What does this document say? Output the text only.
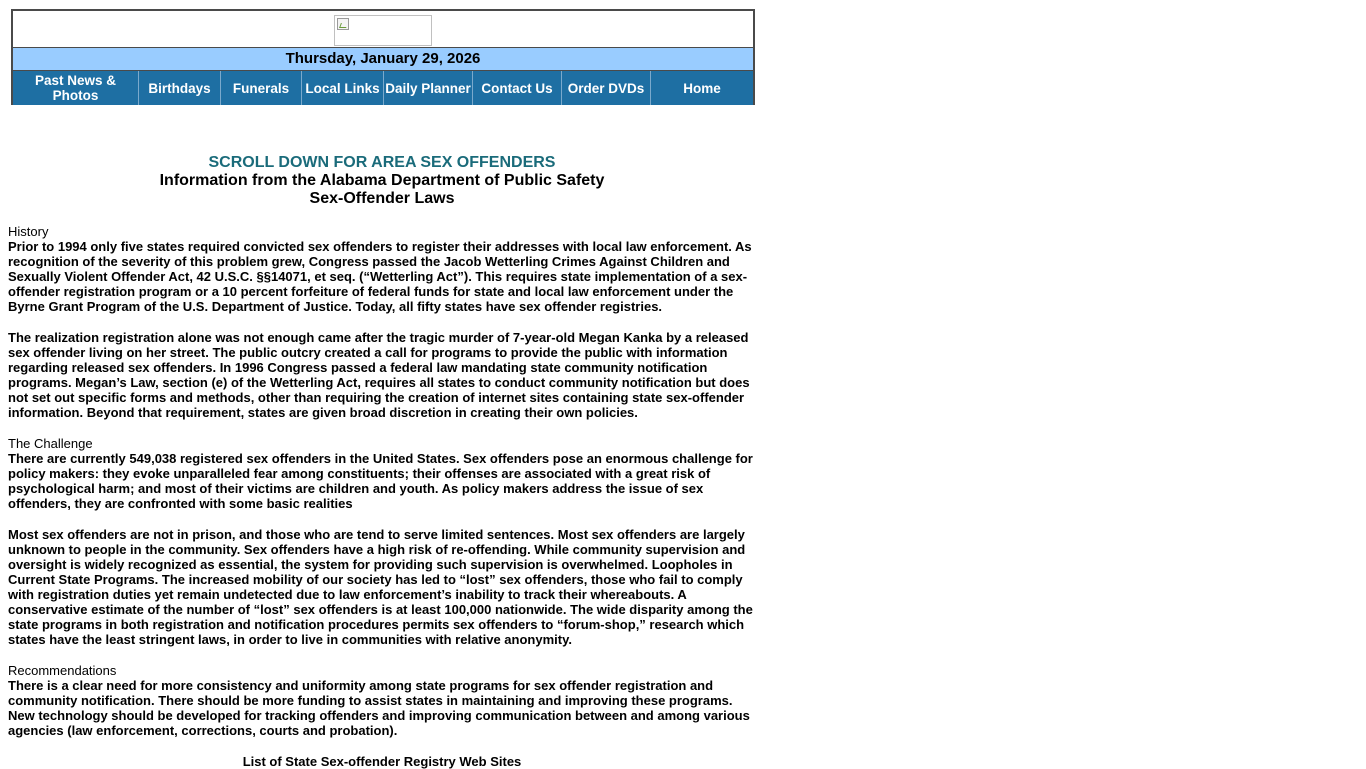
Thursday, January 29, 2026
Past News & Photos	Birthdays	Funerals	Local Links Daily Planner Contact Us	Order DVDs	Home
SCROLL DOWN FOR AREA SEX OFFENDERS
Information from the Alabama Department of Public Safety
Sex-Offender Laws
History

Prior to 1994 only five states required convicted sex offenders to register their addresses with local law enforcement. As recognition of the severity of this problem grew, Congress passed the Jacob Wetterling Crimes Against Children and Sexually Violent Offender Act, 42 U.S.C. §§14071, et seq. (“Wetterling Act”). This requires state implementation of a sex-offender registration program or a 10 percent forfeiture of federal funds for state and local law enforcement under the Byrne Grant Program of the U.S. Department of Justice. Today, all fifty states have sex offender registries.

The realization registration alone was not enough came after the tragic murder of 7-year-old Megan Kanka by a released sex offender living on her street. The public outcry created a call for programs to provide the public with information regarding released sex offenders. In 1996 Congress passed a federal law mandating state community notification programs. Megan’s Law, section (e) of the Wetterling Act, requires all states to conduct community notification but does not set out specific forms and methods, other than requiring the creation of internet sites containing state sex-offender information. Beyond that requirement, states are given broad discretion in creating their own policies.

The Challenge

There are currently 549,038 registered sex offenders in the United States. Sex offenders pose an enormous challenge for policy makers: they evoke unparalleled fear among constituents; their offenses are associated with a great risk of psychological harm; and most of their victims are children and youth. As policy makers address the issue of sex offenders, they are confronted with some basic realities

Most sex offenders are not in prison, and those who are tend to serve limited sentences. Most sex offenders are largely unknown to people in the community. Sex offenders have a high risk of re-offending. While community supervision and oversight is widely recognized as essential, the system for providing such supervision is overwhelmed. Loopholes in Current State Programs. The increased mobility of our society has led to “lost” sex offenders, those who fail to comply with registration duties yet remain undetected due to law enforcement’s inability to track their whereabouts. A conservative estimate of the number of “lost” sex offenders is at least 100,000 nationwide. The wide disparity among the state programs in both registration and notification procedures permits sex offenders to “forum-shop,” research which states have the least stringent laws, in order to live in communities with relative anonymity.

Recommendations

There is a clear need for more consistency and uniformity among state programs for sex offender registration and community notification. There should be more funding to assist states in maintaining and improving these programs. New technology should be developed for tracking offenders and improving communication between and among various agencies (law enforcement, corrections, courts and probation).

List of State Sex-offender Registry Web Sites
